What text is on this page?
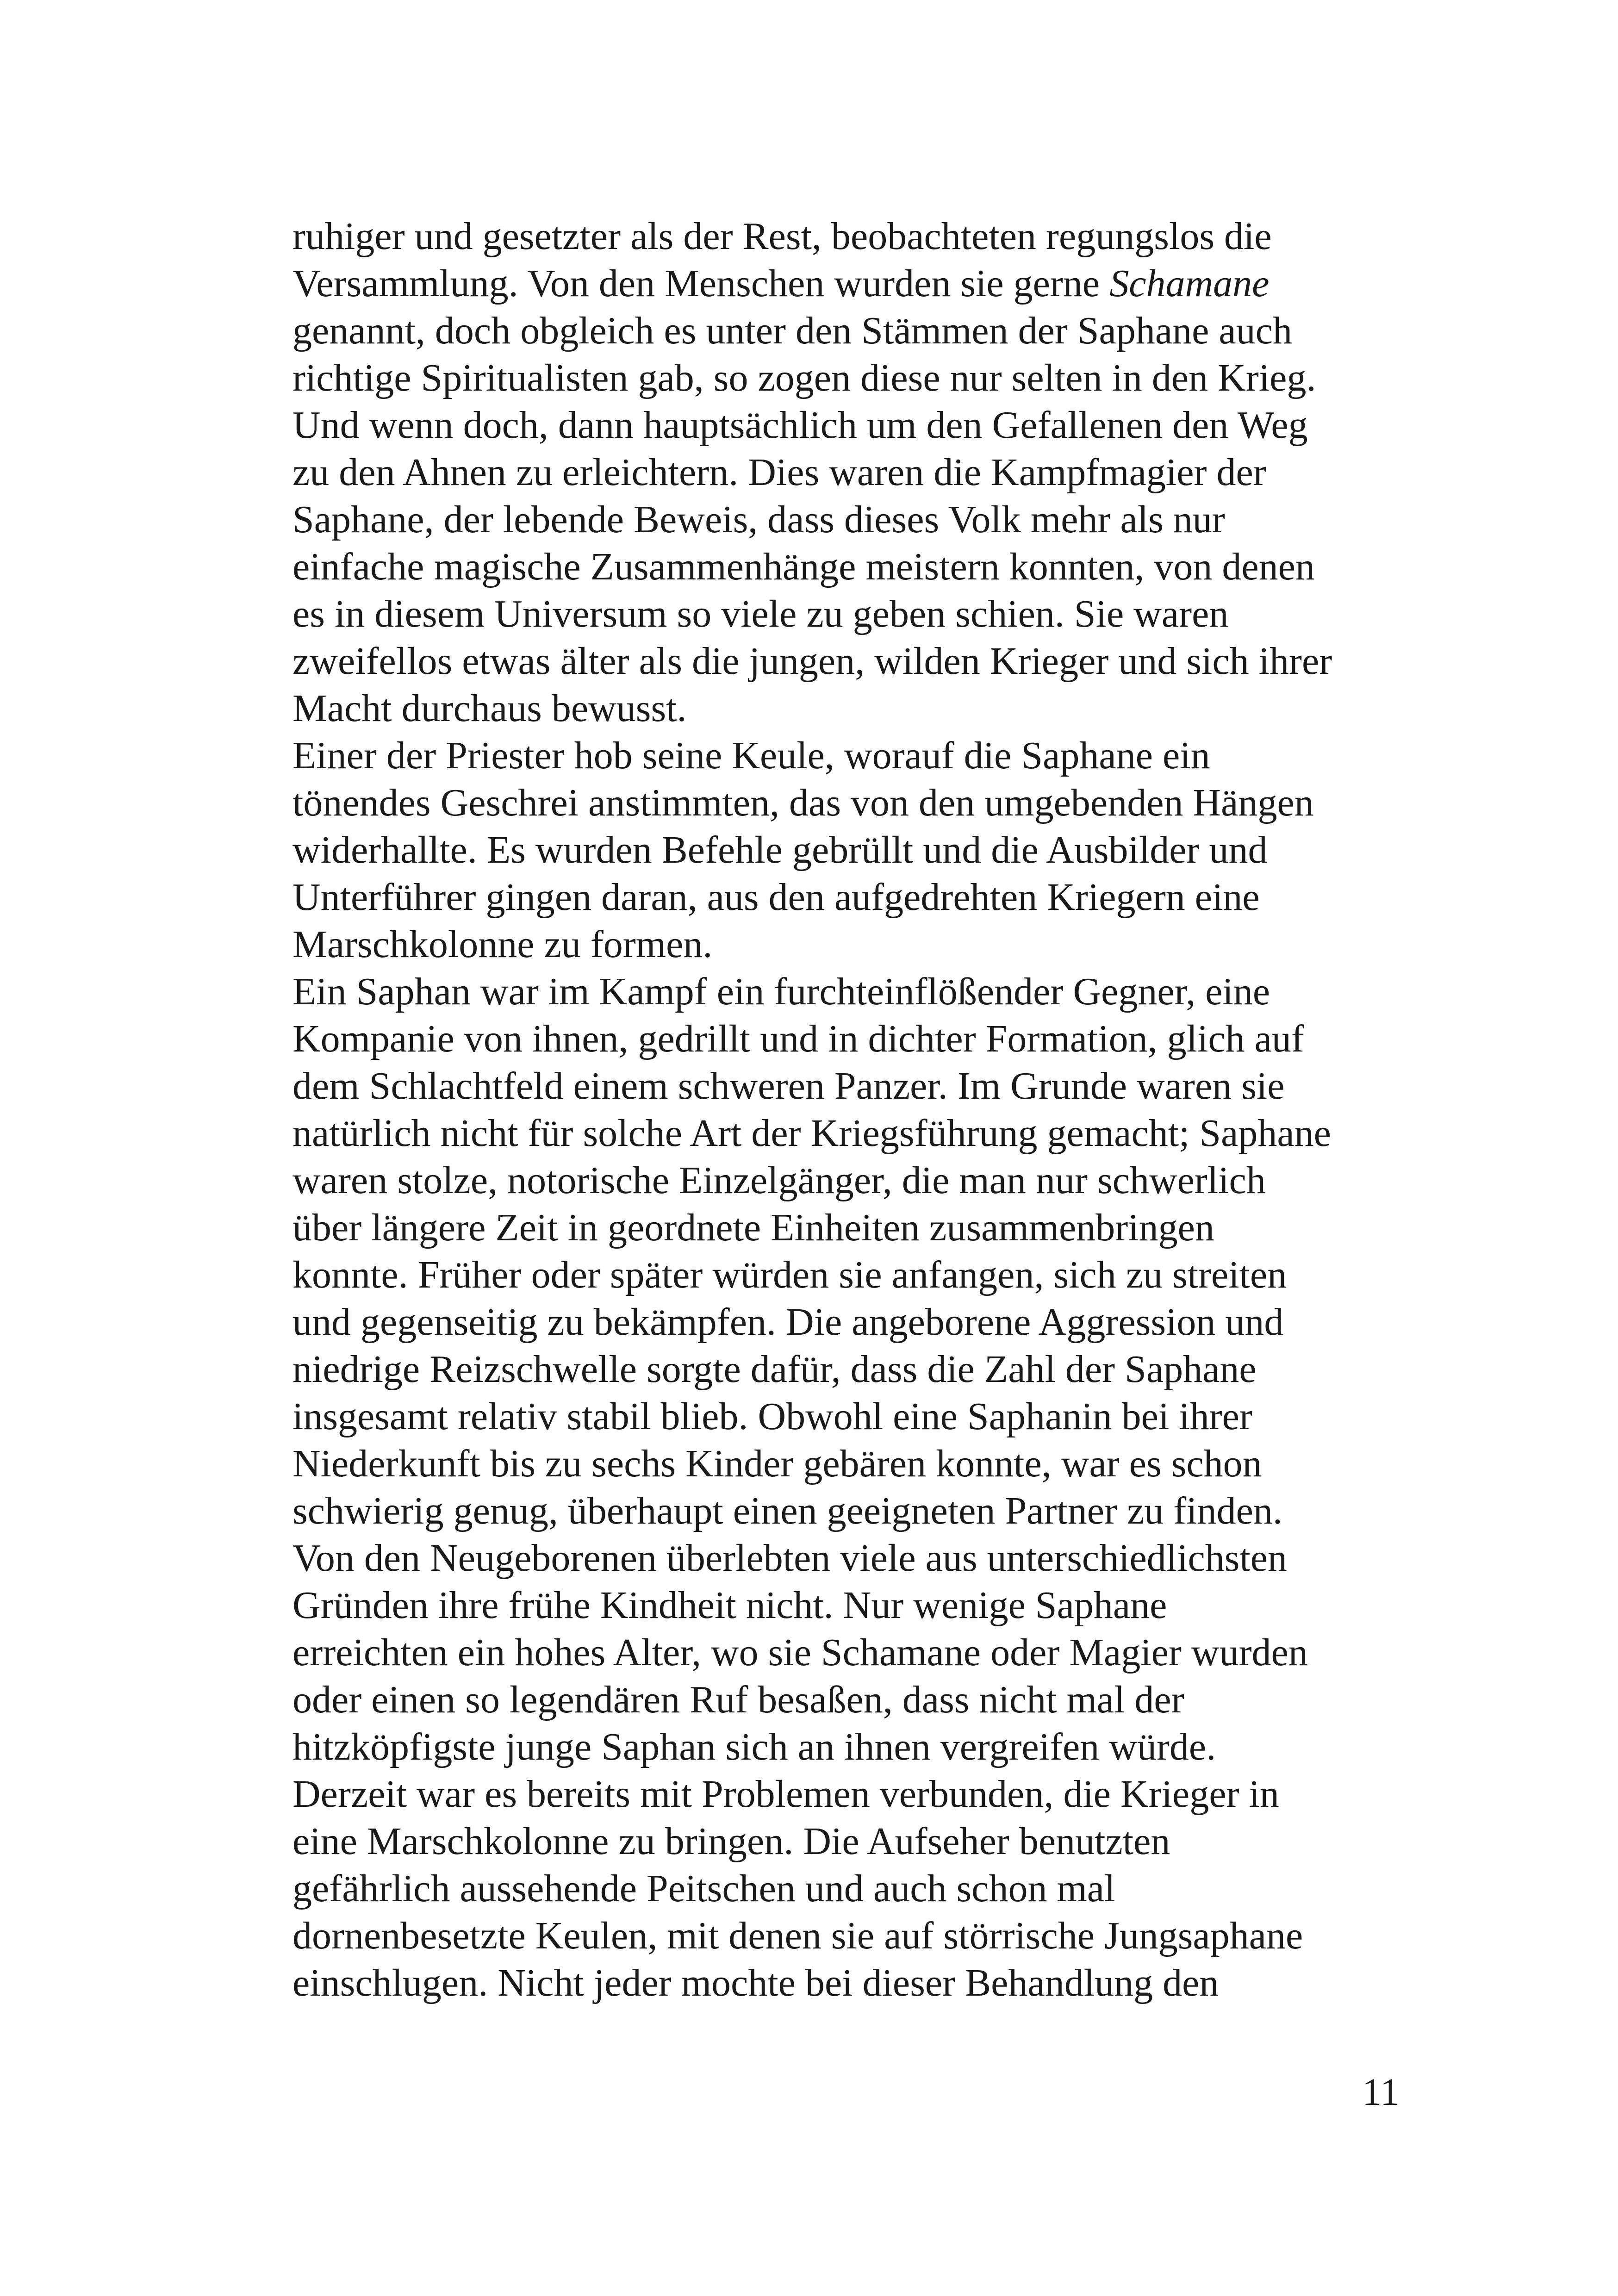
ruhiger und gesetzter als der Rest, beobachteten regungslos die
Versammlung. Von den Menschen wurden sie gerne Schamane
genannt, doch obgleich es unter den Stämmen der Saphane auch
richtige Spiritualisten gab, so zogen diese nur selten in den Krieg.
Und wenn doch, dann hauptsächlich um den Gefallenen den Weg
zu den Ahnen zu erleichtern. Dies waren die Kampfmagier der
Saphane, der lebende Beweis, dass dieses Volk mehr als nur
einfache magische Zusammenhänge meistern konnten, von denen
es in diesem Universum so viele zu geben schien. Sie waren
zweifellos etwas älter als die jungen, wilden Krieger und sich ihrer
Macht durchaus bewusst.
Einer der Priester hob seine Keule, worauf die Saphane ein
tönendes Geschrei anstimmten, das von den umgebenden Hängen
widerhallte. Es wurden Befehle gebrüllt und die Ausbilder und
Unterführer gingen daran, aus den aufgedrehten Kriegern eine
Marschkolonne zu formen.
Ein Saphan war im Kampf ein furchteinflößender Gegner, eine
Kompanie von ihnen, gedrillt und in dichter Formation, glich auf
dem Schlachtfeld einem schweren Panzer. Im Grunde waren sie
natürlich nicht für solche Art der Kriegsführung gemacht; Saphane
waren stolze, notorische Einzelgänger, die man nur schwerlich
über längere Zeit in geordnete Einheiten zusammenbringen
konnte. Früher oder später würden sie anfangen, sich zu streiten
und gegenseitig zu bekämpfen. Die angeborene Aggression und
niedrige Reizschwelle sorgte dafür, dass die Zahl der Saphane
insgesamt relativ stabil blieb. Obwohl eine Saphanin bei ihrer
Niederkunft bis zu sechs Kinder gebären konnte, war es schon
schwierig genug, überhaupt einen geeigneten Partner zu finden.
Von den Neugeborenen überlebten viele aus unterschiedlichsten
Gründen ihre frühe Kindheit nicht. Nur wenige Saphane
erreichten ein hohes Alter, wo sie Schamane oder Magier wurden
oder einen so legendären Ruf besaßen, dass nicht mal der
hitzköpfigste junge Saphan sich an ihnen vergreifen würde.
Derzeit war es bereits mit Problemen verbunden, die Krieger in
eine Marschkolonne zu bringen. Die Aufseher benutzten
gefährlich aussehende Peitschen und auch schon mal
dornenbesetzte Keulen, mit denen sie auf störrische Jungsaphane
einschlugen. Nicht jeder mochte bei dieser Behandlung den
11
